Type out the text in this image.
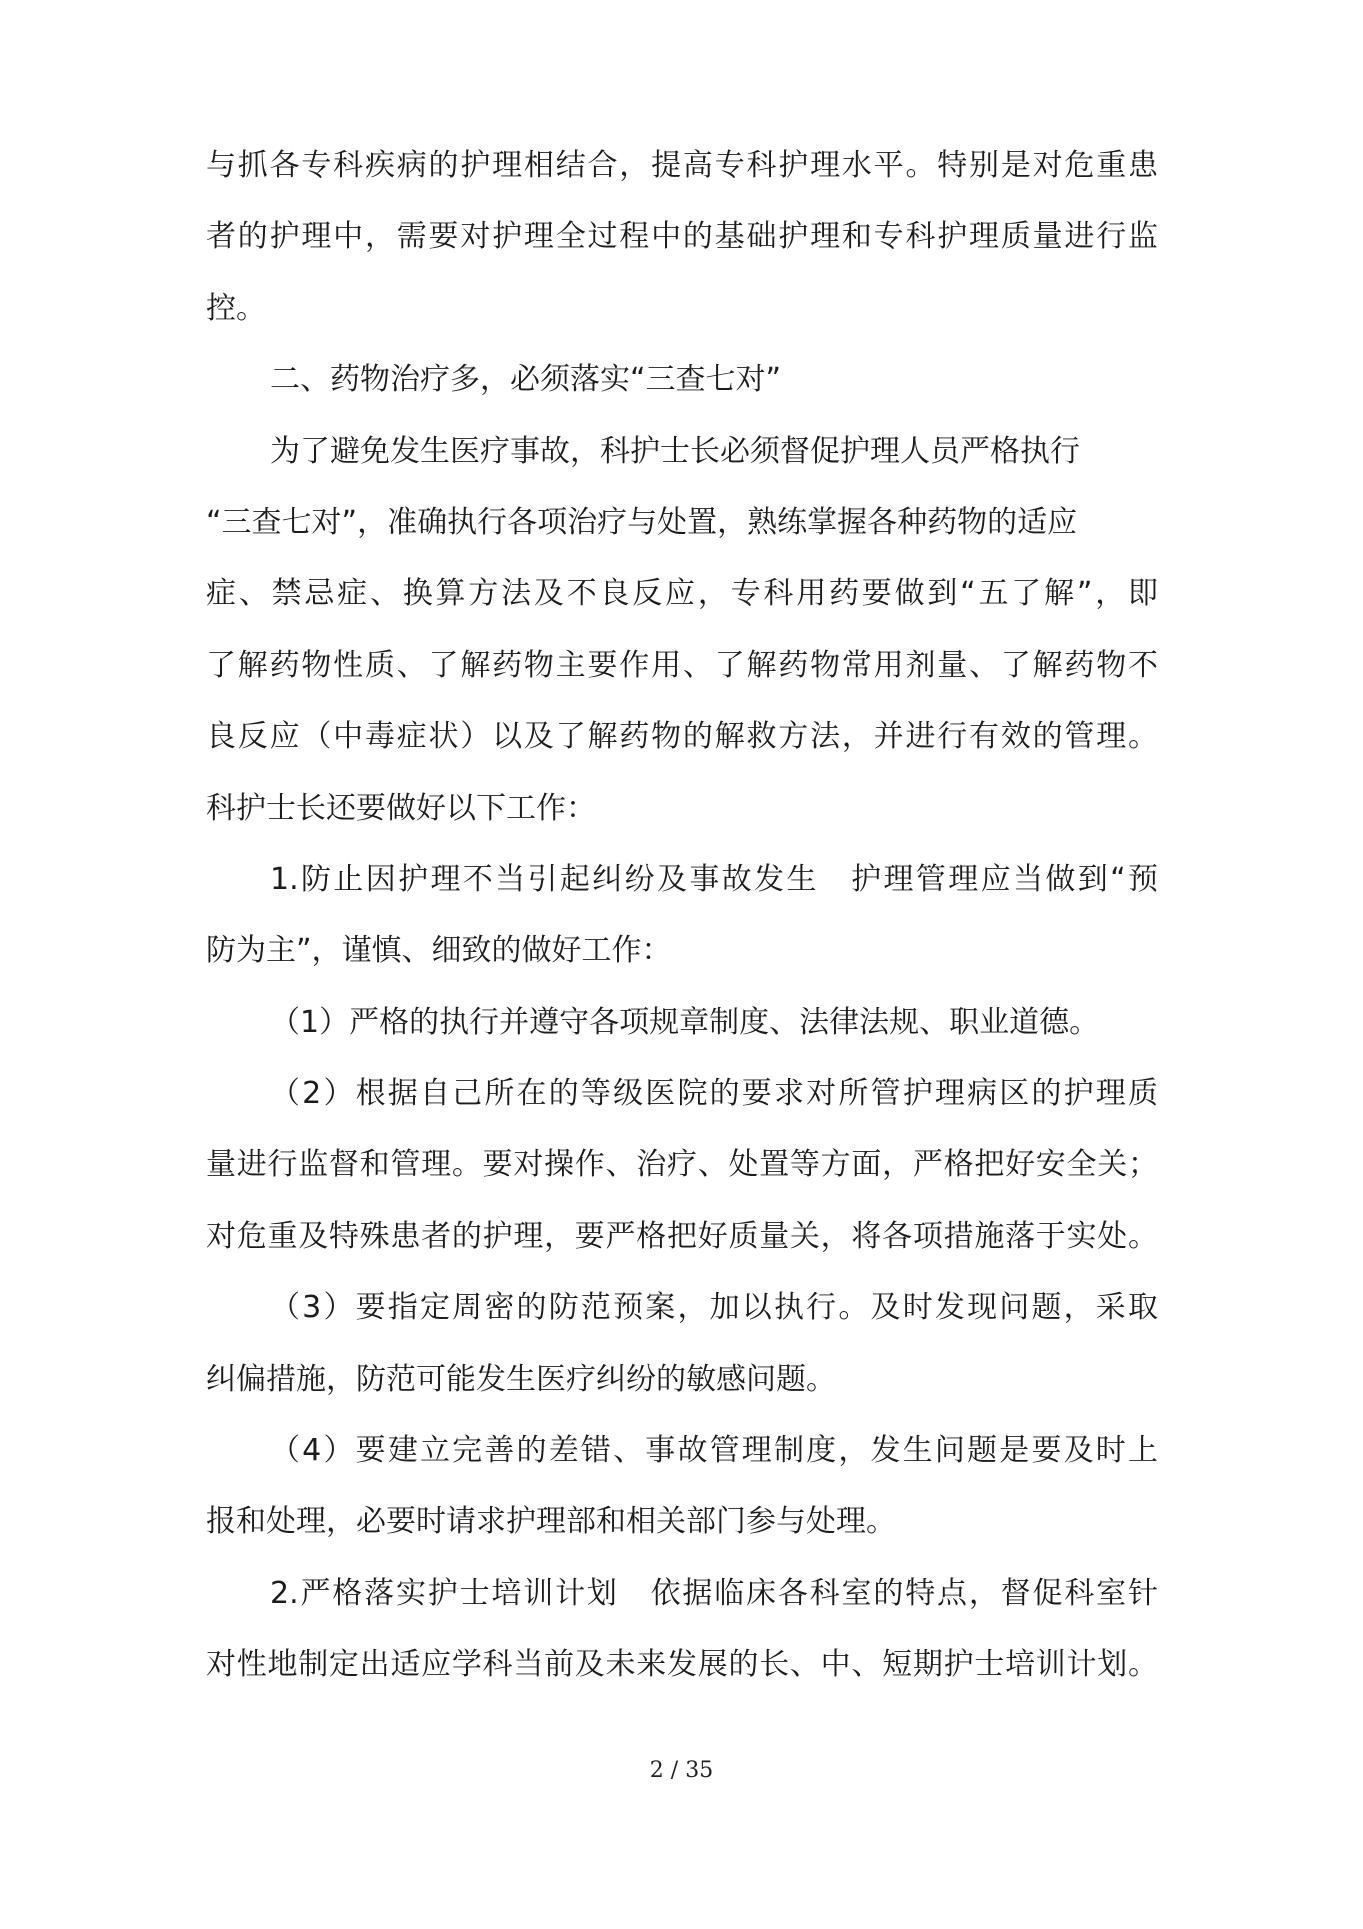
与抓各专科疾病的护理相结合，提高专科护理水平。特别是对危重患
者的护理中，需要对护理全过程中的基础护理和专科护理质量进行监
控。
二、药物治疗多，必须落实“三查七对”
为了避免发生医疗事故，科护士长必须督促护理人员严格执行
“三查七对”，准确执行各项治疗与处置，熟练掌握各种药物的适应
症、禁忌症、换算方法及不良反应，专科用药要做到“五了解”，即
了解药物性质、了解药物主要作用、了解药物常用剂量、了解药物不
良反应（中毒症状）以及了解药物的解救方法，并进行有效的管理。
科护士长还要做好以下工作：
1.防止因护理不当引起纠纷及事故发生　护理管理应当做到“预
防为主”，谨慎、细致的做好工作：
（1）严格的执行并遵守各项规章制度、法律法规、职业道德。
（2）根据自己所在的等级医院的要求对所管护理病区的护理质
量进行监督和管理。要对操作、治疗、处置等方面，严格把好安全关；
对危重及特殊患者的护理，要严格把好质量关，将各项措施落于实处。
（3）要指定周密的防范预案，加以执行。及时发现问题，采取
纠偏措施，防范可能发生医疗纠纷的敏感问题。
（4）要建立完善的差错、事故管理制度，发生问题是要及时上
报和处理，必要时请求护理部和相关部门参与处理。
2.严格落实护士培训计划　依据临床各科室的特点，督促科室针
对性地制定出适应学科当前及未来发展的长、中、短期护士培训计划。
2 / 35
